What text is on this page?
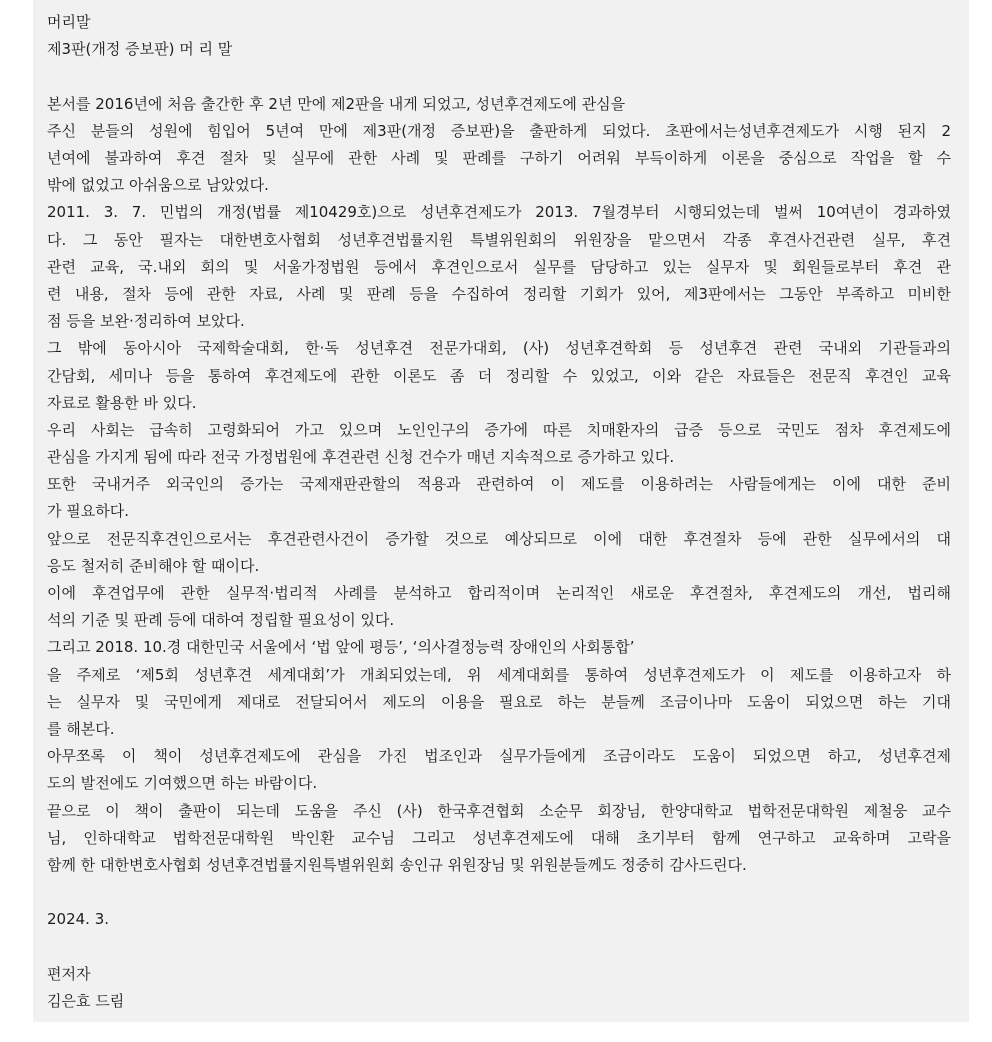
머리말
제3판(개정 증보판) 머 리 말
본서를 2016년에 처음 출간한 후 2년 만에 제2판을 내게 되었고, 성년후견제도에 관심을
주신 분들의 성원에 힘입어 5년여 만에 제3판(개정 증보판)을 출판하게 되었다. 초판에서는성년후견제도가 시행 된지 2
년여에 불과하여 후견 절차 및 실무에 관한 사례 및 판례를 구하기 어려워 부득이하게 이론을 중심으로 작업을 할 수
밖에 없었고 아쉬움으로 남았었다.
2011. 3. 7. 민법의 개정(법률 제10429호)으로 성년후견제도가 2013. 7월경부터 시행되었는데 벌써 10여년이 경과하였
다. 그 동안 필자는 대한변호사협회 성년후견법률지원 특별위원회의 위원장을 맡으면서 각종 후견사건관련 실무, 후견
관련 교육, 국.내외 회의 및 서울가정법원 등에서 후견인으로서 실무를 담당하고 있는 실무자 및 회원들로부터 후견 관
련 내용, 절차 등에 관한 자료, 사례 및 판례 등을 수집하여 정리할 기회가 있어, 제3판에서는 그동안 부족하고 미비한
점 등을 보완·정리하여 보았다.
그 밖에 동아시아 국제학술대회, 한·독 성년후견 전문가대회, (사) 성년후견학회 등 성년후견 관련 국내외 기관들과의
간담회, 세미나 등을 통하여 후견제도에 관한 이론도 좀 더 정리할 수 있었고, 이와 같은 자료들은 전문직 후견인 교육
자료로 활용한 바 있다.
우리 사회는 급속히 고령화되어 가고 있으며 노인인구의 증가에 따른 치매환자의 급증 등으로 국민도 점차 후견제도에
관심을 가지게 됨에 따라 전국 가정법원에 후견관련 신청 건수가 매년 지속적으로 증가하고 있다.
또한 국내거주 외국인의 증가는 국제재판관할의 적용과 관련하여 이 제도를 이용하려는 사람들에게는 이에 대한 준비
가 필요하다.
앞으로 전문직후견인으로서는 후견관련사건이 증가할 것으로 예상되므로 이에 대한 후견절차 등에 관한 실무에서의 대
응도 철저히 준비해야 할 때이다.
이에 후견업무에 관한 실무적·법리적 사례를 분석하고 합리적이며 논리적인 새로운 후견절차, 후견제도의 개선, 법리해
석의 기준 및 판례 등에 대하여 정립할 필요성이 있다.
그리고 2018. 10.경 대한민국 서울에서 ‘법 앞에 평등’, ‘의사결정능력 장애인의 사회통합’
을 주제로 ‘제5회 성년후견 세계대회’가 개최되었는데, 위 세계대회를 통하여 성년후견제도가 이 제도를 이용하고자 하
는 실무자 및 국민에게 제대로 전달되어서 제도의 이용을 필요로 하는 분들께 조금이나마 도움이 되었으면 하는 기대
를 해본다.
아무쪼록 이 책이 성년후견제도에 관심을 가진 법조인과 실무가들에게 조금이라도 도움이 되었으면 하고, 성년후견제
도의 발전에도 기여했으면 하는 바람이다.
끝으로 이 책이 출판이 되는데 도움을 주신 (사) 한국후견협회 소순무 회장님, 한양대학교 법학전문대학원 제철웅 교수
님, 인하대학교 법학전문대학원 박인환 교수님 그리고 성년후견제도에 대해 초기부터 함께 연구하고 교육하며 고락을
함께 한 대한변호사협회 성년후견법률지원특별위원회 송인규 위원장님 및 위원분들께도 정중히 감사드린다.
2024. 3.
편저자
김은효 드림
